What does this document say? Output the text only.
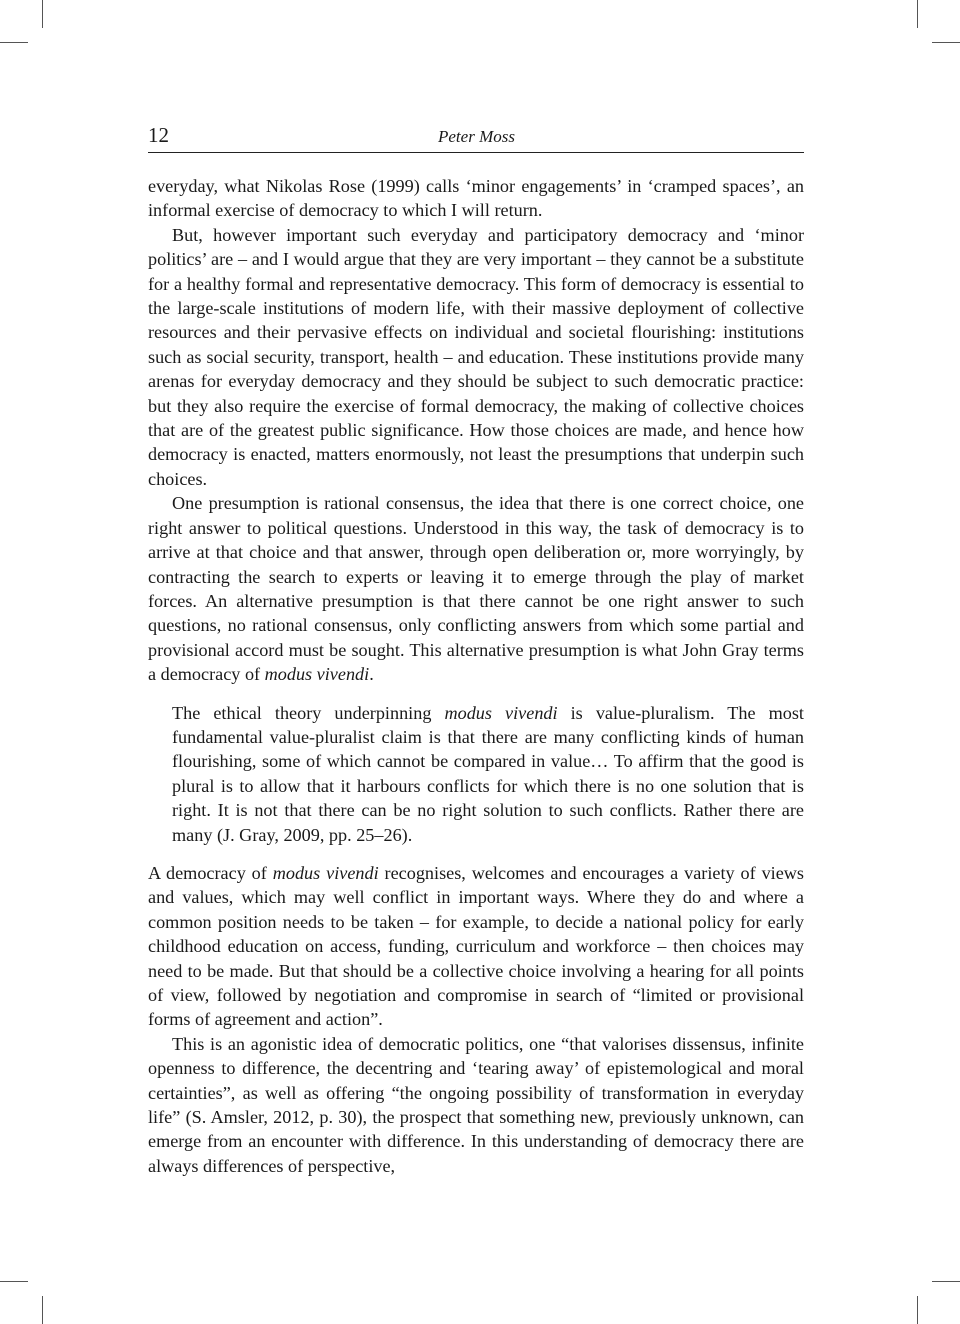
12	Peter Moss

everyday, what Nikolas Rose (1999) calls ‘minor engagements’ in ‘cramped spaces’, an informal exercise of democracy to which I will return.

But, however important such everyday and participatory democracy and ‘minor politics’ are – and I would argue that they are very important – they cannot be a substitute for a healthy formal and representative democracy. This form of democracy is essential to the large-scale institutions of modern life, with their massive deployment of collective resources and their pervasive effects on individual and societal flourishing: institutions such as social security, transport, health – and education. These institutions provide many arenas for everyday democracy and they should be subject to such democratic practice: but they also require the exercise of formal democracy, the making of collective choices that are of the greatest public significance. How those choices are made, and hence how democracy is enacted, matters enormously, not least the presumptions that underpin such choices.

One presumption is rational consensus, the idea that there is one correct choice, one right answer to political questions. Understood in this way, the task of democracy is to arrive at that choice and that answer, through open deliberation or, more worryingly, by contracting the search to experts or leaving it to emerge through the play of market forces. An alternative presumption is that there cannot be one right answer to such questions, no rational consensus, only conflicting answers from which some partial and provisional accord must be sought. This alternative presumption is what John Gray terms a democracy of modus vivendi.

The ethical theory underpinning modus vivendi is value-pluralism. The most fundamental value-pluralist claim is that there are many conflicting kinds of human flourishing, some of which cannot be compared in value… To affirm that the good is plural is to allow that it harbours conflicts for which there is no one solution that is right. It is not that there can be no right solution to such conflicts. Rather there are many (J. Gray, 2009, pp. 25–26).

A democracy of modus vivendi recognises, welcomes and encourages a variety of views and values, which may well conflict in important ways. Where they do and where a common position needs to be taken – for example, to decide a national policy for early childhood education on access, funding, curriculum and workforce – then choices may need to be made. But that should be a collective choice involving a hearing for all points of view, followed by negotiation and compromise in search of “limited or provisional forms of agreement and action”.

This is an agonistic idea of democratic politics, one “that valorises dissensus, infinite openness to difference, the decentring and ‘tearing away’ of epistemological and moral certainties”, as well as offering “the ongoing possibility of transformation in everyday life” (S. Amsler, 2012, p. 30), the prospect that something new, previously unknown, can emerge from an encounter with difference. In this understanding of democracy there are always differences of perspective,
